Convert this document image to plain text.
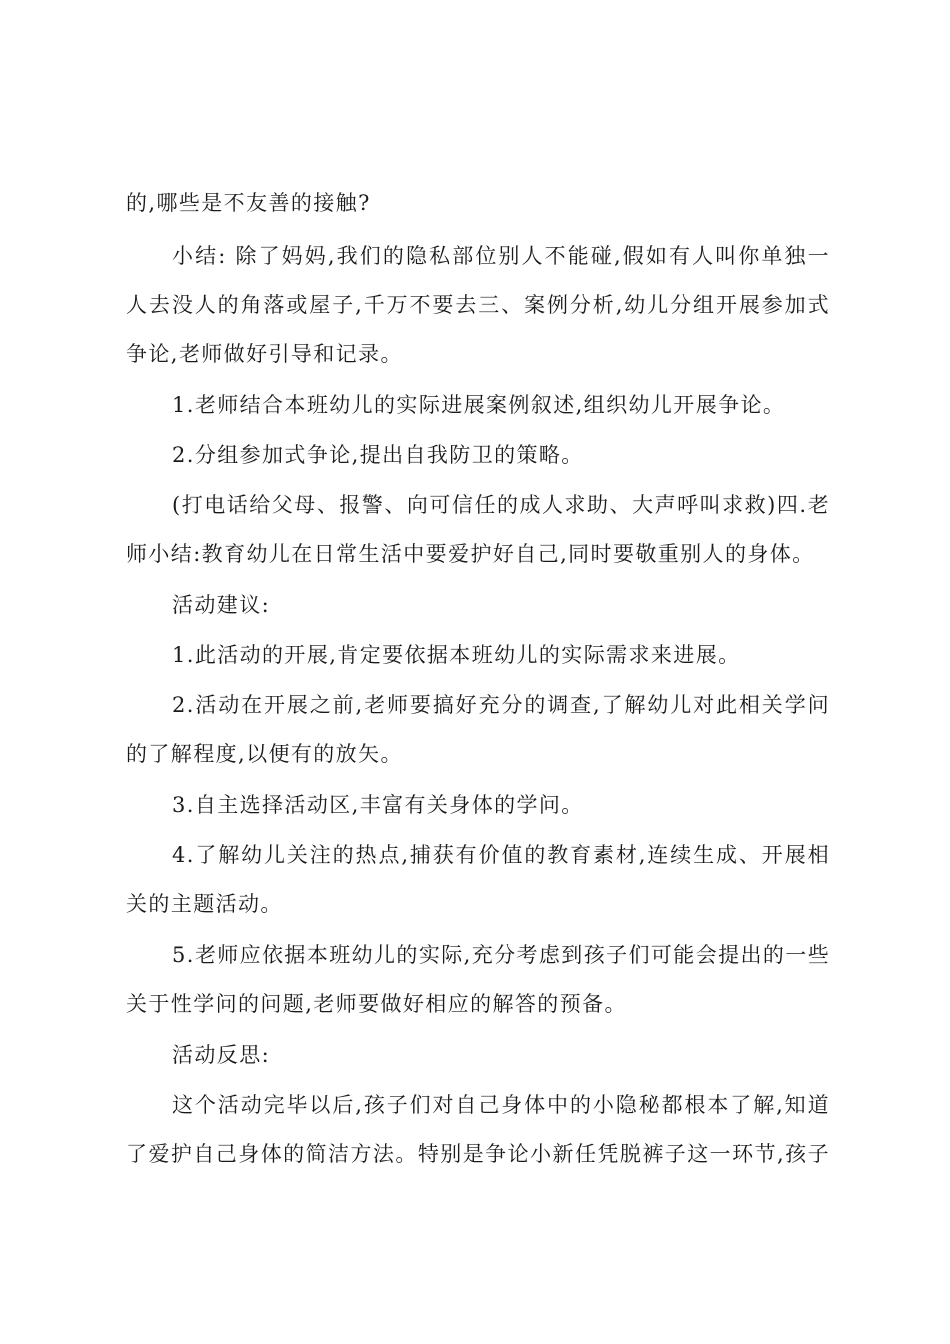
的,哪些是不友善的接触?
小结: 除了妈妈,我们的隐私部位别人不能碰,假如有人叫你单独一
人去没人的角落或屋子,千万不要去三、案例分析,幼儿分组开展参加式
争论,老师做好引导和记录。
1.老师结合本班幼儿的实际进展案例叙述,组织幼儿开展争论。
2.分组参加式争论,提出自我防卫的策略。
(打电话给父母、报警、向可信任的成人求助、大声呼叫求救)四.老
师小结:教育幼儿在日常生活中要爱护好自己,同时要敬重别人的身体。
活动建议:
1.此活动的开展,肯定要依据本班幼儿的实际需求来进展。
2.活动在开展之前,老师要搞好充分的调查,了解幼儿对此相关学问
的了解程度,以便有的放矢。
3.自主选择活动区,丰富有关身体的学问。
4.了解幼儿关注的热点,捕获有价值的教育素材,连续生成、开展相
关的主题活动。
5.老师应依据本班幼儿的实际,充分考虑到孩子们可能会提出的一些
关于性学问的问题,老师要做好相应的解答的预备。
活动反思:
这个活动完毕以后,孩子们对自己身体中的小隐秘都根本了解,知道
了爱护自己身体的简洁方法。特别是争论小新任凭脱裤子这一环节,孩子
